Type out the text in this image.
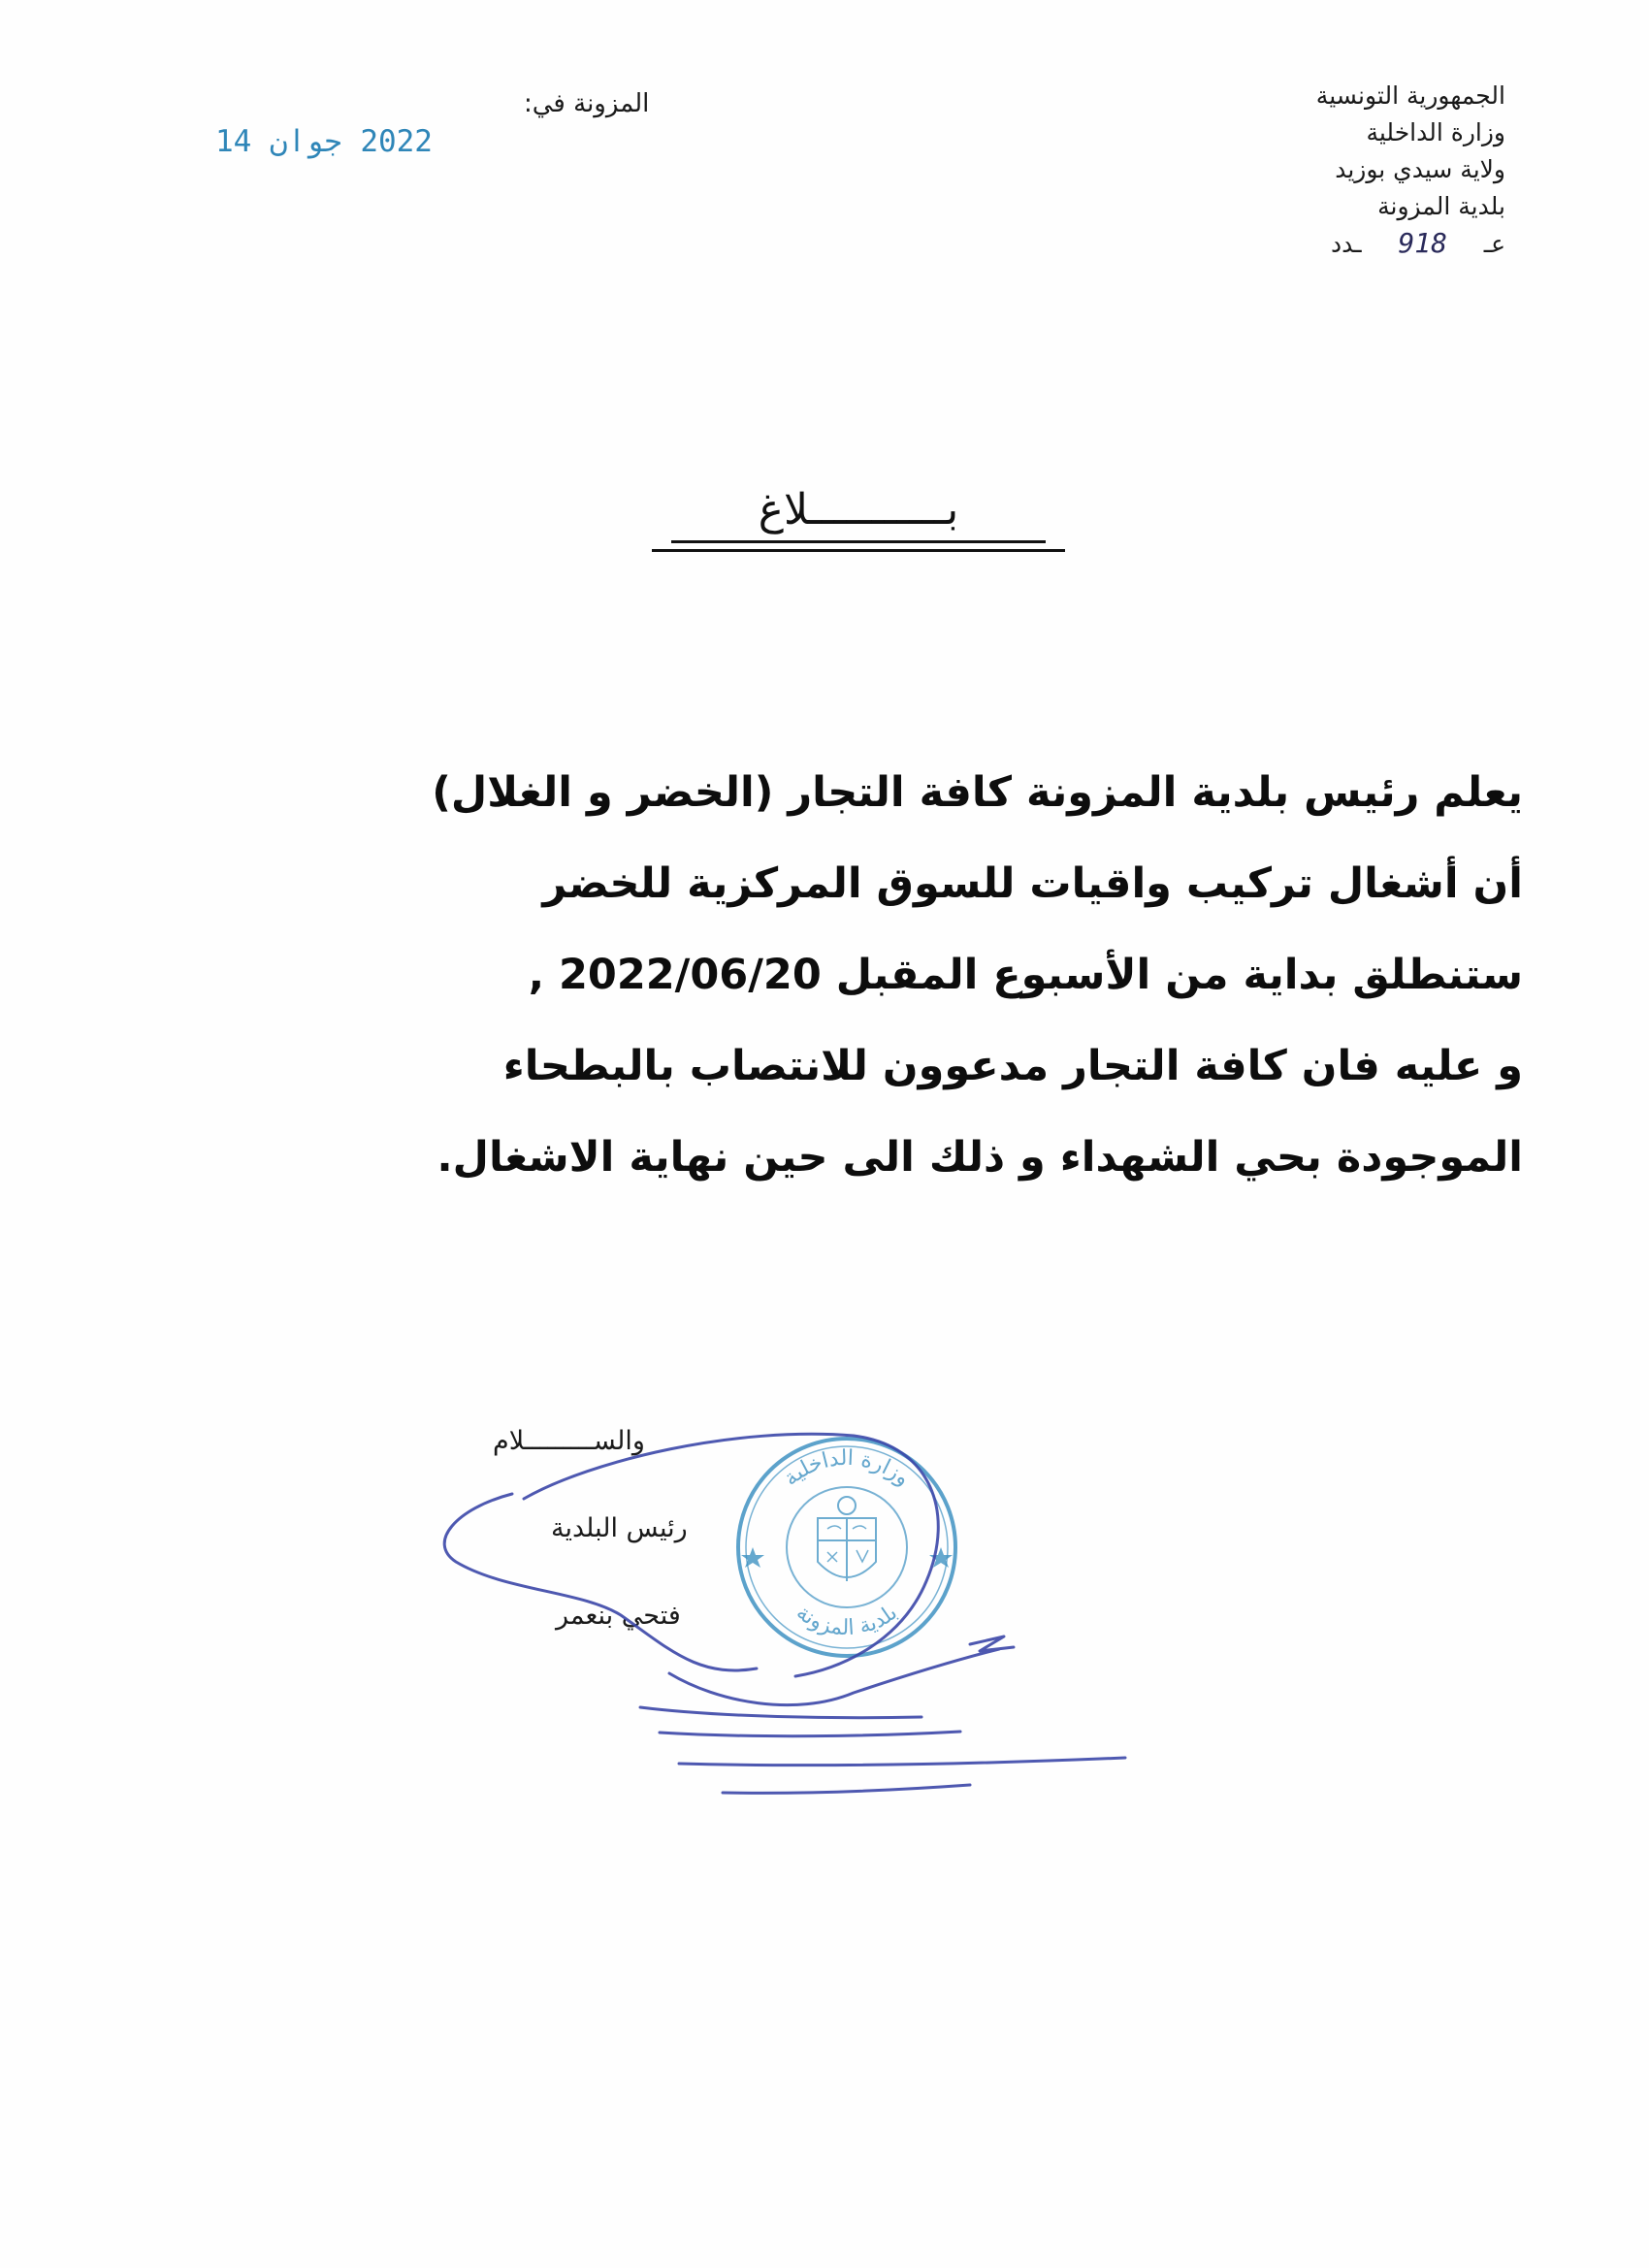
الجمهورية التونسية
وزارة الداخلية
ولاية سيدي بوزيد
بلدية المزونة
عـ    918    ـدد
المزونة في:
2022 جوان 14
بـــــــــــلاغ
يعلم رئيس بلدية المزونة كافة التجار (الخضر و الغلال)
أن أشغال تركيب واقيات للسوق المركزية للخضر
ستنطلق بداية من الأسبوع المقبل 2022/06/20 ,
و عليه فان كافة التجار مدعوون للانتصاب بالبطحاء
الموجودة بحي الشهداء و ذلك الى حين نهاية الاشغال.
وزارة الداخلية
بلدية المزونة
والســـــــــلام
رئيس البلدية
فتحي بنعمر
